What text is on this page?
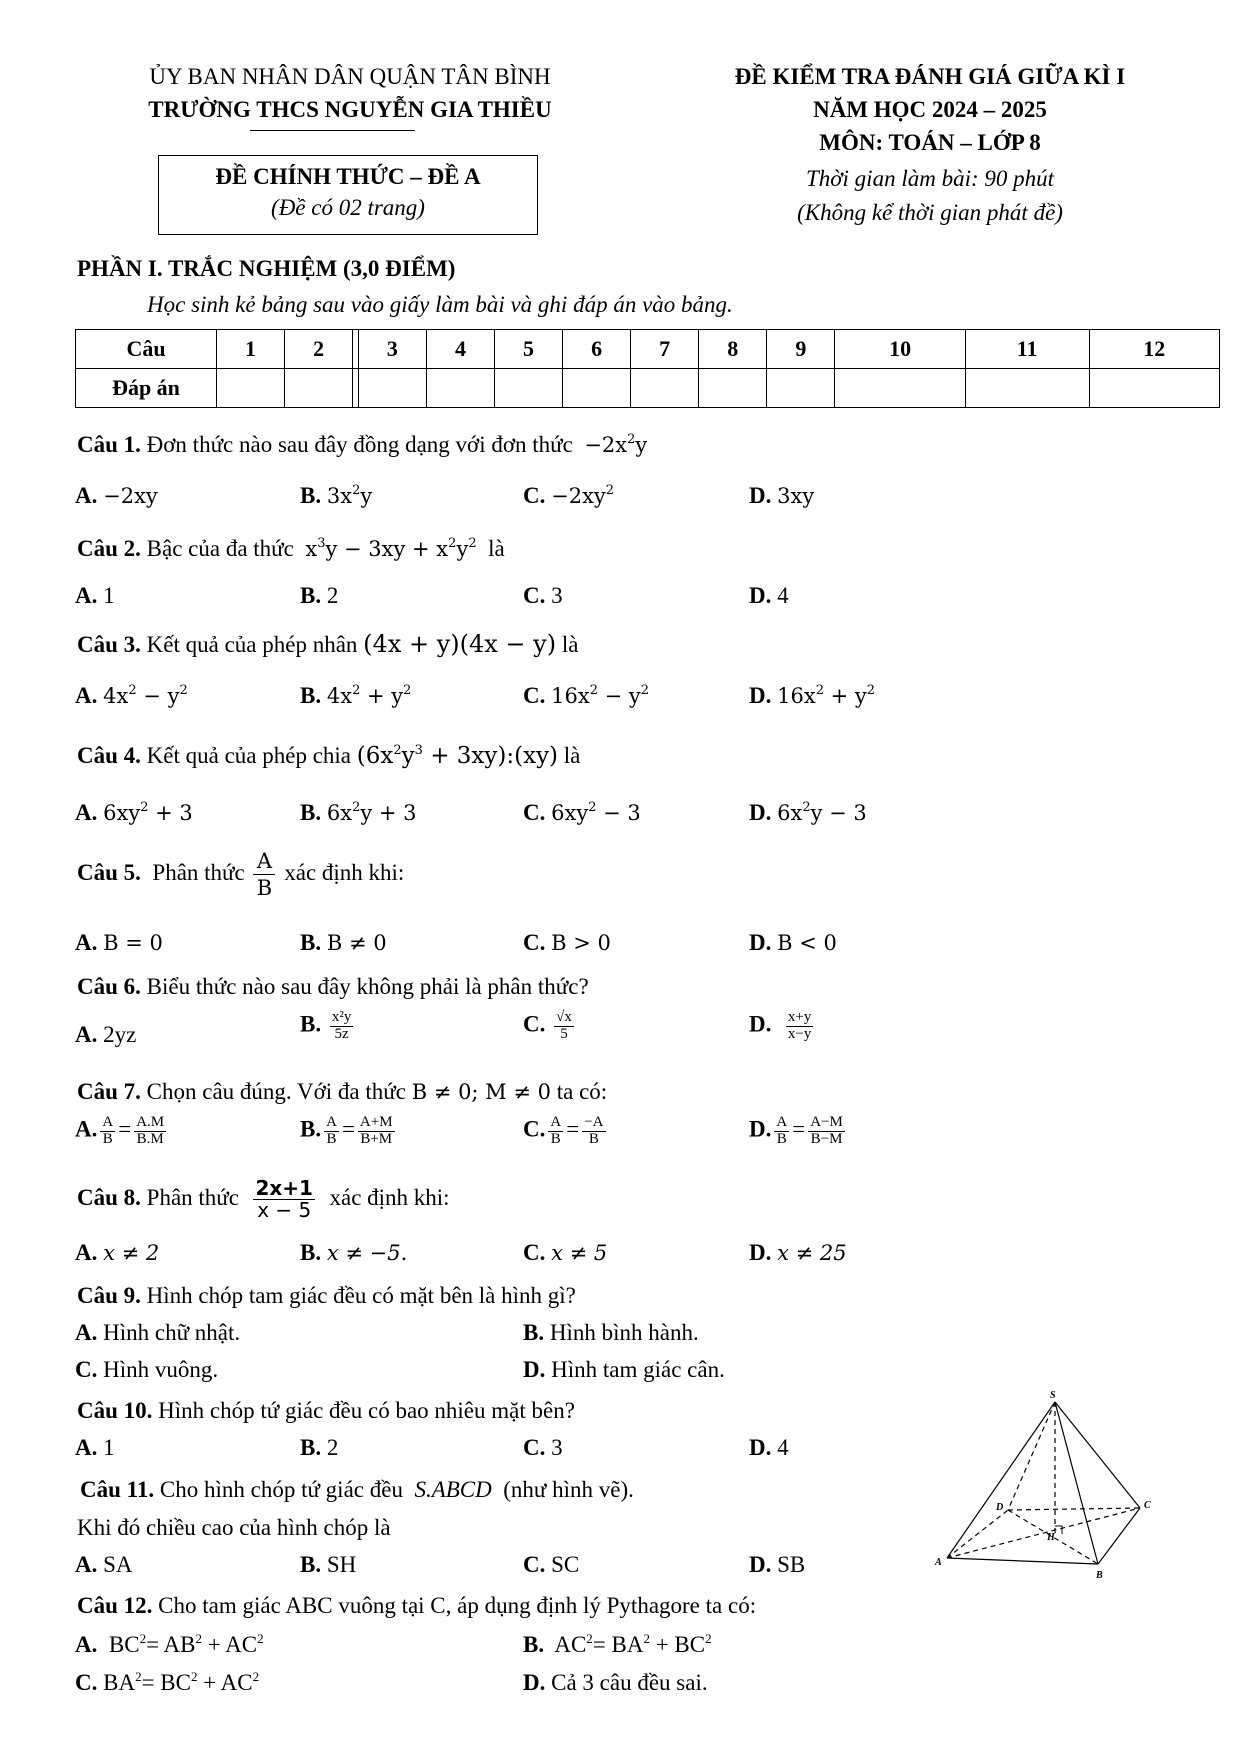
ỦY BAN NHÂN DÂN QUẬN TÂN BÌNH
TRƯỜNG THCS NGUYỄN GIA THIỀU
ĐỀ KIỂM TRA ĐÁNH GIÁ GIỮA KÌ I
NĂM HỌC 2024 – 2025
MÔN: TOÁN – LỚP 8
ĐỀ CHÍNH THỨC – ĐỀ A
(Đề có 02 trang)
Thời gian làm bài: 90 phút
(Không kể thời gian phát đề)
PHẦN I. TRẮC NGHIỆM (3,0 ĐIỂM)
Học sinh kẻ bảng sau vào giấy làm bài và ghi đáp án vào bảng.
Câu	1	2		3	4	5	6	7	8	9	10	11	12
Đáp án													
Câu 1. Đơn thức nào sau đây đồng dạng với đơn thức $-2x^2y$
A. −2xy	B. $3x^2y$	C. $-2xy^2$	D. 3xy
Câu 2. Bậc của đa thức $x^3y - 3xy + x^2y^2$ là
A. 1	B. 2	C. 3	D. 4
Câu 3. Kết quả của phép nhân (4x + y)(4x − y) là
A. $4x^2 - y^2$	B. $4x^2 + y^2$	C. $16x^2 - y^2$	D. $16x^2 + y^2$
Câu 4. Kết quả của phép chia ($6x^2y^3$ + 3xy):(xy) là
A. $6xy^2 + 3$	B. $6x^2y + 3$	C. $6xy^2 - 3$	D. $6x^2y - 3$
Câu 5. Phân thức $\frac{A}{B}$ xác định khi:
A. B = 0	B. B ≠ 0	C. B > 0	D. B < 0
Câu 6. Biểu thức nào sau đây không phải là phân thức?
A. 2yz	B. $\frac{\text{x²y}}{5z}$	C. $\frac{√x}{5}$	D. $\frac{x+y}{x-y}$
Câu 7. Chọn câu đúng. Với đa thức B ≠ 0; M ≠ 0 ta có:
A. $\frac{A}{B} = \frac{A.M}{B.M}$	B. $\frac{A}{B} = \frac{A+M}{B+M}$	C. $\frac{A}{B} = \frac{-A}{B}$	D. $\frac{A}{B} = \frac{A-M}{B-M}$
Câu 8. Phân thức $\frac{2x+1}{x - 5}$ xác định khi:
A. x ≠ 2	B. x ≠ −5.	C. x ≠ 5	D. x ≠ 25
Câu 9. Hình chóp tam giác đều có mặt bên là hình gì?
A. Hình chữ nhật.	B. Hình bình hành.
C. Hình vuông.	D. Hình tam giác cân.
Câu 10. Hình chóp tứ giác đều có bao nhiêu mặt bên?
A. 1	B. 2	C. 3	D. 4
Câu 11. Cho hình chóp tứ giác đều S.ABCD (như hình vẽ).
Khi đó chiều cao của hình chóp là
A. SA	B. SH	C. SC	D. SB
S
A
B
C
D
H
Câu 12. Cho tam giác ABC vuông tại C, áp dụng định lý Pythagore ta có:
A. $BC^2= AB^2 + AC^2$	B. $AC^2= BA^2 + BC^2$
C. $BA^2= BC^2 + AC^2$	D. Cả 3 câu đều sai.
